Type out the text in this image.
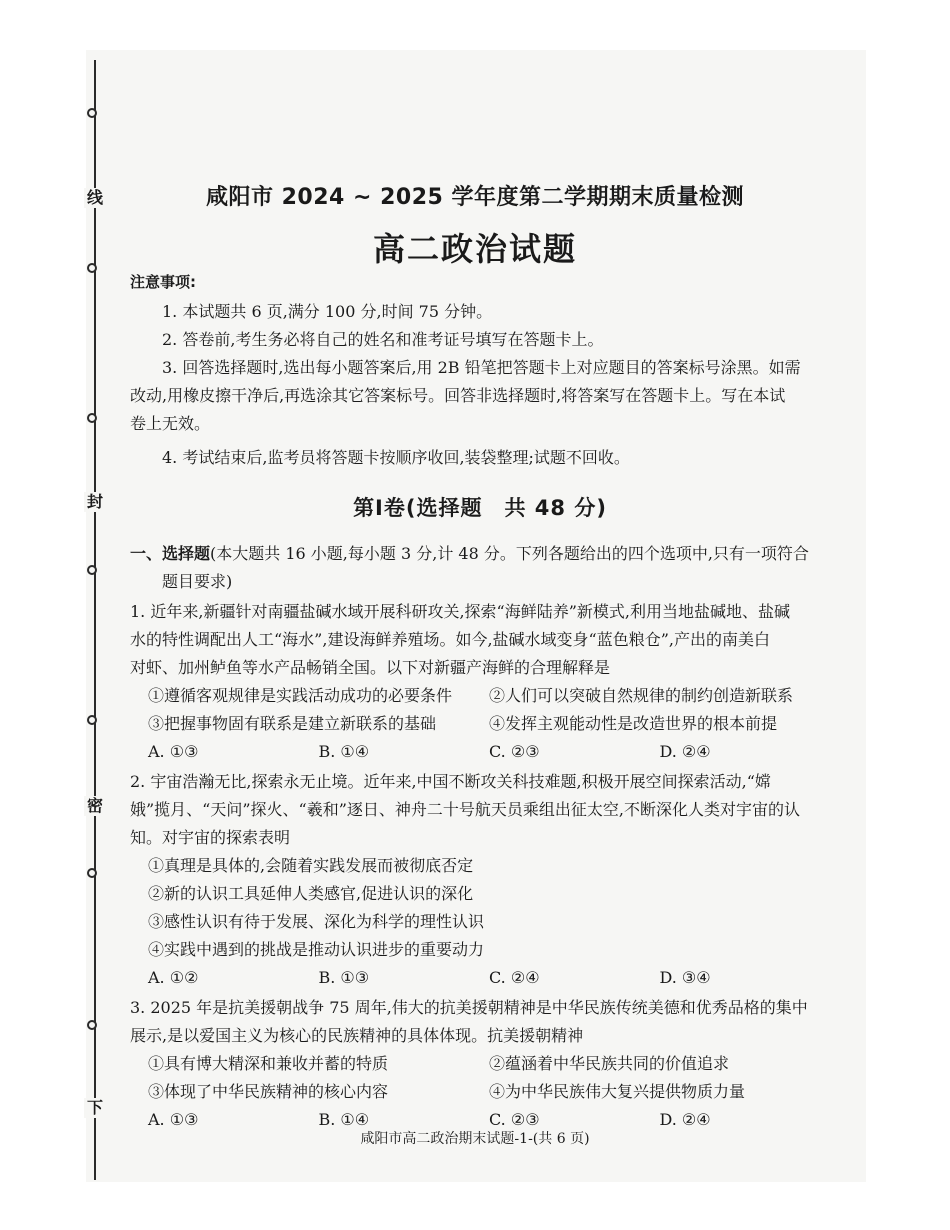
线
封
密
下
咸阳市 2024 ~ 2025 学年度第二学期期末质量检测
高二政治试题
注意事项:
1. 本试题共 6 页,满分 100 分,时间 75 分钟。
2. 答卷前,考生务必将自己的姓名和准考证号填写在答题卡上。
3. 回答选择题时,选出每小题答案后,用 2B 铅笔把答题卡上对应题目的答案标号涂黑。如需
改动,用橡皮擦干净后,再选涂其它答案标号。回答非选择题时,将答案写在答题卡上。写在本试
卷上无效。
4. 考试结束后,监考员将答题卡按顺序收回,装袋整理;试题不回收。
第Ⅰ卷(选择题　共 48 分)
一、选择题(本大题共 16 小题,每小题 3 分,计 48 分。下列各题给出的四个选项中,只有一项符合
题目要求)
1. 近年来,新疆针对南疆盐碱水域开展科研攻关,探索“海鲜陆养”新模式,利用当地盐碱地、盐碱
水的特性调配出人工“海水”,建设海鲜养殖场。如今,盐碱水域变身“蓝色粮仓”,产出的南美白
对虾、加州鲈鱼等水产品畅销全国。以下对新疆产海鲜的合理解释是
①遵循客观规律是实践活动成功的必要条件	②人们可以突破自然规律的制约创造新联系
③把握事物固有联系是建立新联系的基础	④发挥主观能动性是改造世界的根本前提
A. ①③	B. ①④	C. ②③	D. ②④
2. 宇宙浩瀚无比,探索永无止境。近年来,中国不断攻关科技难题,积极开展空间探索活动,“嫦
娥”揽月、“天问”探火、“羲和”逐日、神舟二十号航天员乘组出征太空,不断深化人类对宇宙的认
知。对宇宙的探索表明
①真理是具体的,会随着实践发展而被彻底否定
②新的认识工具延伸人类感官,促进认识的深化
③感性认识有待于发展、深化为科学的理性认识
④实践中遇到的挑战是推动认识进步的重要动力
A. ①②	B. ①③	C. ②④	D. ③④
3. 2025 年是抗美援朝战争 75 周年,伟大的抗美援朝精神是中华民族传统美德和优秀品格的集中
展示,是以爱国主义为核心的民族精神的具体体现。抗美援朝精神
①具有博大精深和兼收并蓄的特质	②蕴涵着中华民族共同的价值追求
③体现了中华民族精神的核心内容	④为中华民族伟大复兴提供物质力量
A. ①③	B. ①④	C. ②③	D. ②④
咸阳市高二政治期末试题-1-(共 6 页)
